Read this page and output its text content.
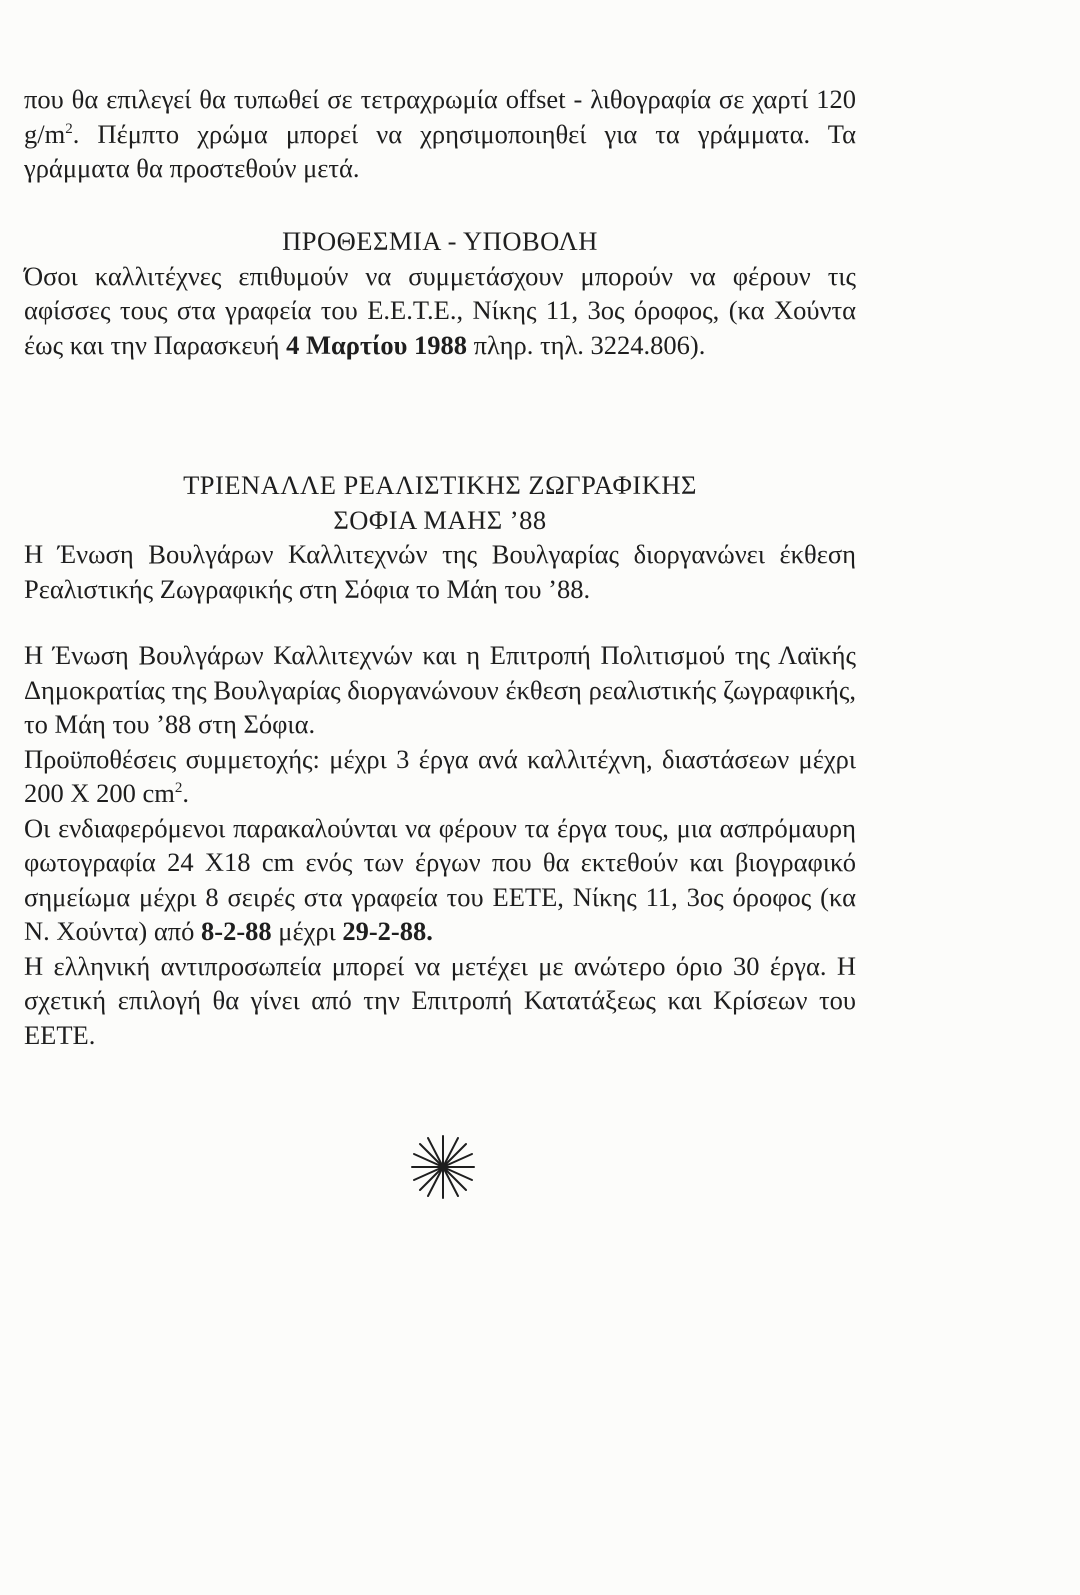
που θα επιλεγεί θα τυπωθεί σε τετραχρωμία offset - λιθογραφία σε χαρτί 120 $g/m^2$. Πέμπτο χρώμα μπορεί να χρησιμοποιηθεί για τα γράμματα. Τα γράμματα θα προστεθούν μετά.

ΠΡΟΘΕΣΜΙΑ - ΥΠΟΒΟΛΗ

Όσοι καλλιτέχνες επιθυμούν να συμμετάσχουν μπορούν να φέρουν τις αφίσσες τους στα γραφεία του Ε.Ε.Τ.Ε., Νίκης 11, 3ος όροφος, (κα Χούντα έως και την Παρασκευή 4 Μαρτίου 1988 πληρ. τηλ. 3224.806).

ΤΡΙΕΝΑΛΛΕ ΡΕΑΛΙΣΤΙΚΗΣ ΖΩΓΡΑΦΙΚΗΣ

ΣΟΦΙΑ ΜΑΗΣ ’88

Η Ένωση Βουλγάρων Καλλιτεχνών της Βουλγαρίας διοργανώνει έκθεση Ρεαλιστικής Ζωγραφικής στη Σόφια το Μάη του ’88.

Η Ένωση Βουλγάρων Καλλιτεχνών και η Επιτροπή Πολιτισμού της Λαϊκής Δημοκρατίας της Βουλγαρίας διοργανώνουν έκθεση ρεαλιστικής ζωγραφικής, το Μάη του ’88 στη Σόφια.

Προϋποθέσεις συμμετοχής: μέχρι 3 έργα ανά καλλιτέχνη, διαστάσεων μέχρι 200 Χ 200 $cm^2$.

Οι ενδιαφερόμενοι παρακαλούνται να φέρουν τα έργα τους, μια ασπρόμαυρη φωτογραφία 24 Χ18 cm ενός των έργων που θα εκτεθούν και βιογραφικό σημείωμα μέχρι 8 σειρές στα γραφεία του ΕΕΤΕ, Νίκης 11, 3ος όροφος (κα Ν. Χούντα) από 8-2-88 μέχρι 29-2-88.

Η ελληνική αντιπροσωπεία μπορεί να μετέχει με ανώτερο όριο 30 έργα. Η σχετική επιλογή θα γίνει από την Επιτροπή Κατατάξεως και Κρίσεων του ΕΕΤΕ.
